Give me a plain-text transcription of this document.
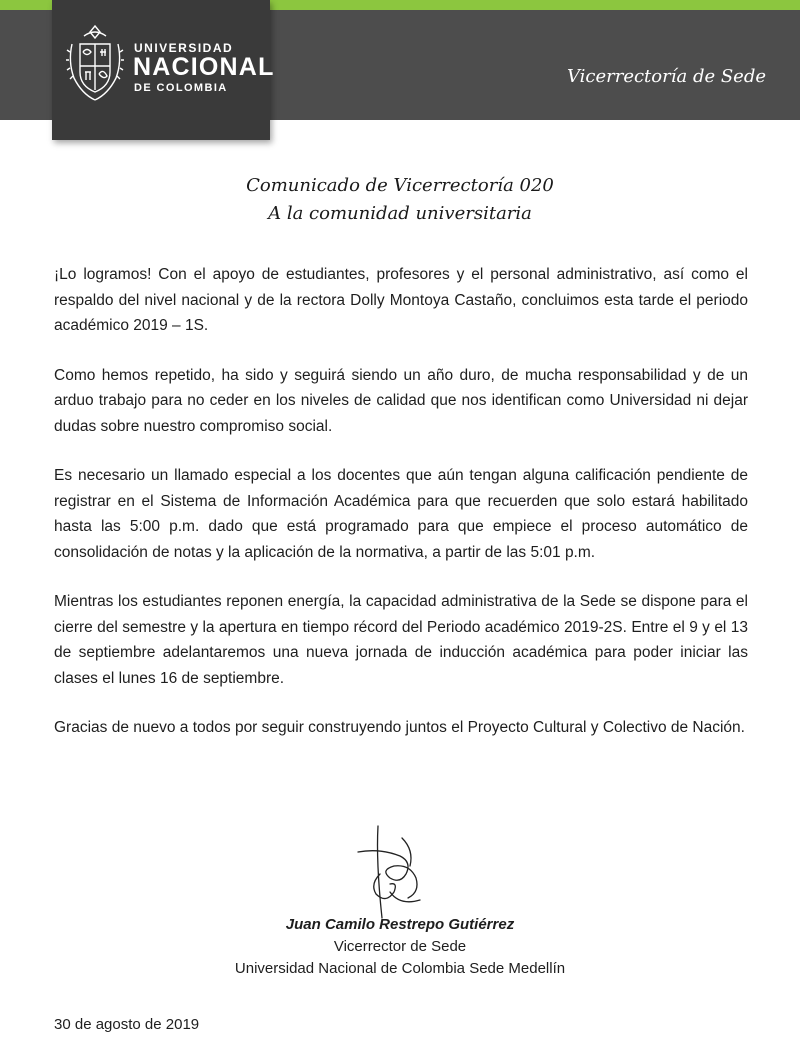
Vicerrectoría de Sede
UNIVERSIDAD
NACIONAL
DE COLOMBIA
Comunicado de Vicerrectoría 020
A la comunidad universitaria

¡Lo logramos! Con el apoyo de estudiantes, profesores y el personal administrativo, así como el respaldo del nivel nacional y de la rectora Dolly Montoya Castaño, concluimos esta tarde el periodo académico 2019 – 1S.

Como hemos repetido, ha sido y seguirá siendo un año duro, de mucha responsabilidad y de un arduo trabajo para no ceder en los niveles de calidad que nos identifican como Universidad ni dejar dudas sobre nuestro compromiso social.

Es necesario un llamado especial a los docentes que aún tengan alguna calificación pendiente de registrar en el Sistema de Información Académica para que recuerden que solo estará habilitado hasta las 5:00 p.m. dado que está programado para que empiece el proceso automático de consolidación de notas y la aplicación de la normativa, a partir de las 5:01 p.m.

Mientras los estudiantes reponen energía, la capacidad administrativa de la Sede se dispone para el cierre del semestre y la apertura en tiempo récord del Periodo académico 2019-2S. Entre el 9 y el 13 de septiembre adelantaremos una nueva jornada de inducción académica para poder iniciar las clases el lunes 16 de septiembre.

Gracias de nuevo a todos por seguir construyendo juntos el Proyecto Cultural y Colectivo de Nación.

Juan Camilo Restrepo Gutiérrez
Vicerrector de Sede
Universidad Nacional de Colombia Sede Medellín
30 de agosto de 2019
